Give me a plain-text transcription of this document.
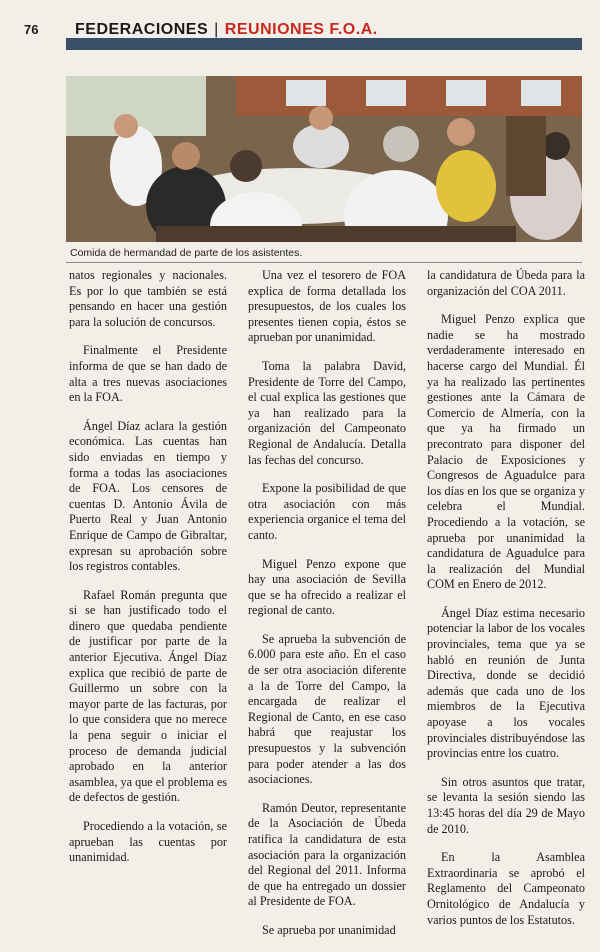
76 FEDERACIONES | REUNIONES F.O.A.
Comida de hermandad de parte de los asistentes.

natos regionales y nacionales. Es por lo que también se está pensando en hacer una gestión para la solución de concursos.

Finalmente el Presidente informa de que se han dado de alta a tres nuevas asociaciones en la FOA.

Ángel Díaz aclara la gestión económica. Las cuentas han sido enviadas en tiempo y forma a todas las asociaciones de FOA. Los censores de cuentas D. Antonio Ávila de Puerto Real y Juan Antonio Enrique de Campo de Gibraltar, expresan su aprobación sobre los registros contables.

Rafael Román pregunta que si se han justificado todo el dinero que quedaba pendiente de justificar por parte de la anterior Ejecutiva. Ángel Díaz explica que recibió de parte de Guillermo un sobre con la mayor parte de las facturas, por lo que considera que no merece la pena seguir o iniciar el proceso de demanda judicial aprobado en la anterior asamblea, ya que el problema es de defectos de gestión.

Procediendo a la votación, se aprueban las cuentas por unanimidad.

Una vez el tesorero de FOA explica de forma detallada los presupuestos, de los cuales los presentes tienen copia, éstos se aprueban por unanimidad.

Toma la palabra David, Presidente de Torre del Campo, el cual explica las gestiones que ya han realizado para la organización del Campeonato Regional de Andalucía. Detalla las fechas del concurso.

Expone la posibilidad de que otra asociación con más experiencia organice el tema del canto.

Miguel Penzo expone que hay una asociación de Sevilla que se ha ofrecido a realizar el regional de canto.

Se aprueba la subvención de 6.000 para este año. En el caso de ser otra asociación diferente a la de Torre del Campo, la encargada de realizar el Regional de Canto, en ese caso habrá que reajustar los presupuestos y la subvención para poder atender a las dos asociaciones.

Ramón Deutor, representante de la Asociación de Úbeda ratifica la candidatura de esta asociación para la organización del Regional del 2011. Informa de que ha entregado un dossier al Presidente de FOA.

Se aprueba por unanimidad

la candidatura de Úbeda para la organización del COA 2011.

Miguel Penzo explica que nadie se ha mostrado verdaderamente interesado en hacerse cargo del Mundial. Él ya ha realizado las pertinentes gestiones ante la Cámara de Comercio de Almería, con la que ya ha firmado un precontrato para disponer del Palacio de Exposiciones y Congresos de Aguadulce para los días en los que se organiza y celebra el Mundial. Procediendo a la votación, se aprueba por unanimidad la candidatura de Aguadulce para la realización del Mundial COM en Enero de 2012.

Ángel Díaz estima necesario potenciar la labor de los vocales provinciales, tema que ya se habló en reunión de Junta Directiva, donde se decidió además que cada uno de los miembros de la Ejecutiva apoyase a los vocales provinciales distribuyéndose las provincias entre los cuatro.

Sin otros asuntos que tratar, se levanta la sesión siendo las 13:45 horas del día 29 de Mayo de 2010.

En la Asamblea Extraordinaria se aprobó el Reglamento del Campeonato Ornitológico de Andalucía y varios puntos de los Estatutos.
